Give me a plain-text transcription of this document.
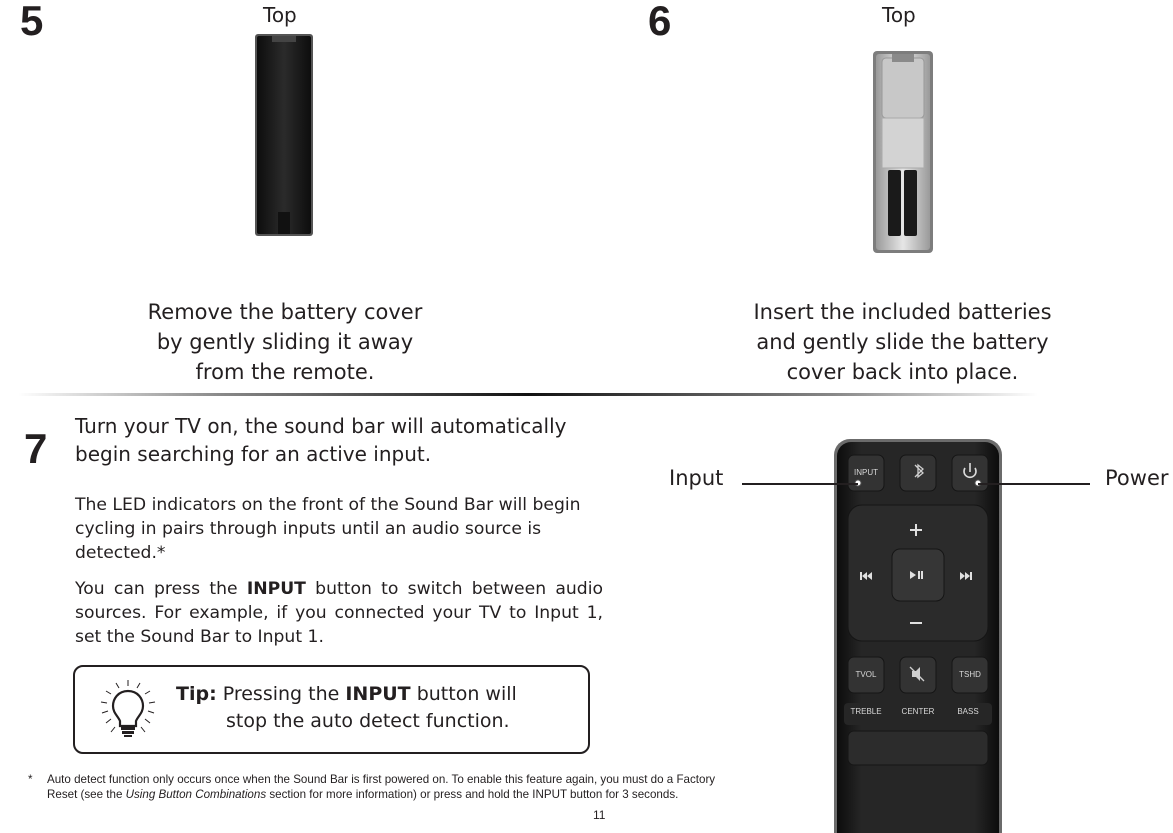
5	Top
Remove the battery cover
by gently sliding it away
from the remote.
6	Top
Insert the included batteries
and gently slide the battery
cover back into place.
7 Turn your TV on, the sound bar will automatically begin searching for an active input.
The LED indicators on the front of the Sound Bar will begin cycling in pairs through inputs until an audio source is detected.*
You can press the INPUT button to switch between audio sources. For example, if you connected your TV to Input 1, set the Sound Bar to Input 1.
Tip: Pressing the INPUT button will
stop the auto detect function.
INPUT
TVOL	TSHD
TREBLE	CENTER	BASS
Input	Power
* Auto detect function only occurs once when the Sound Bar is first powered on. To enable this feature again, you must do a Factory
Reset (see the Using Button Combinations section for more information) or press and hold the INPUT button for 3 seconds.
11
